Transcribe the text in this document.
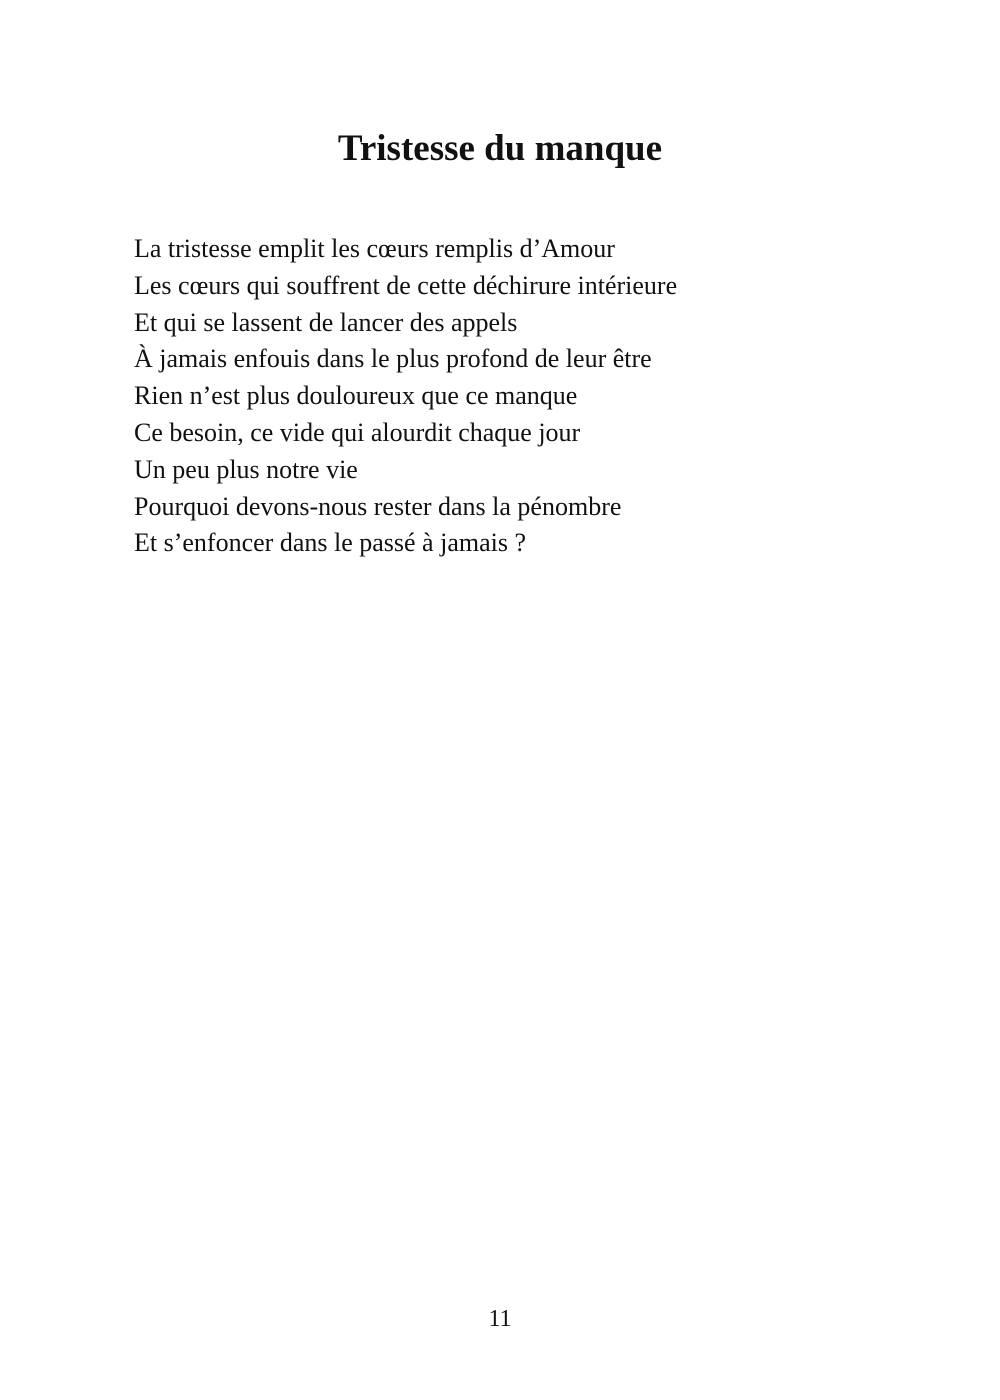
Tristesse du manque
La tristesse emplit les cœurs remplis d’Amour
Les cœurs qui souffrent de cette déchirure intérieure
Et qui se lassent de lancer des appels
À jamais enfouis dans le plus profond de leur être
Rien n’est plus douloureux que ce manque
Ce besoin, ce vide qui alourdit chaque jour
Un peu plus notre vie
Pourquoi devons-nous rester dans la pénombre
Et s’enfoncer dans le passé à jamais ?
11
